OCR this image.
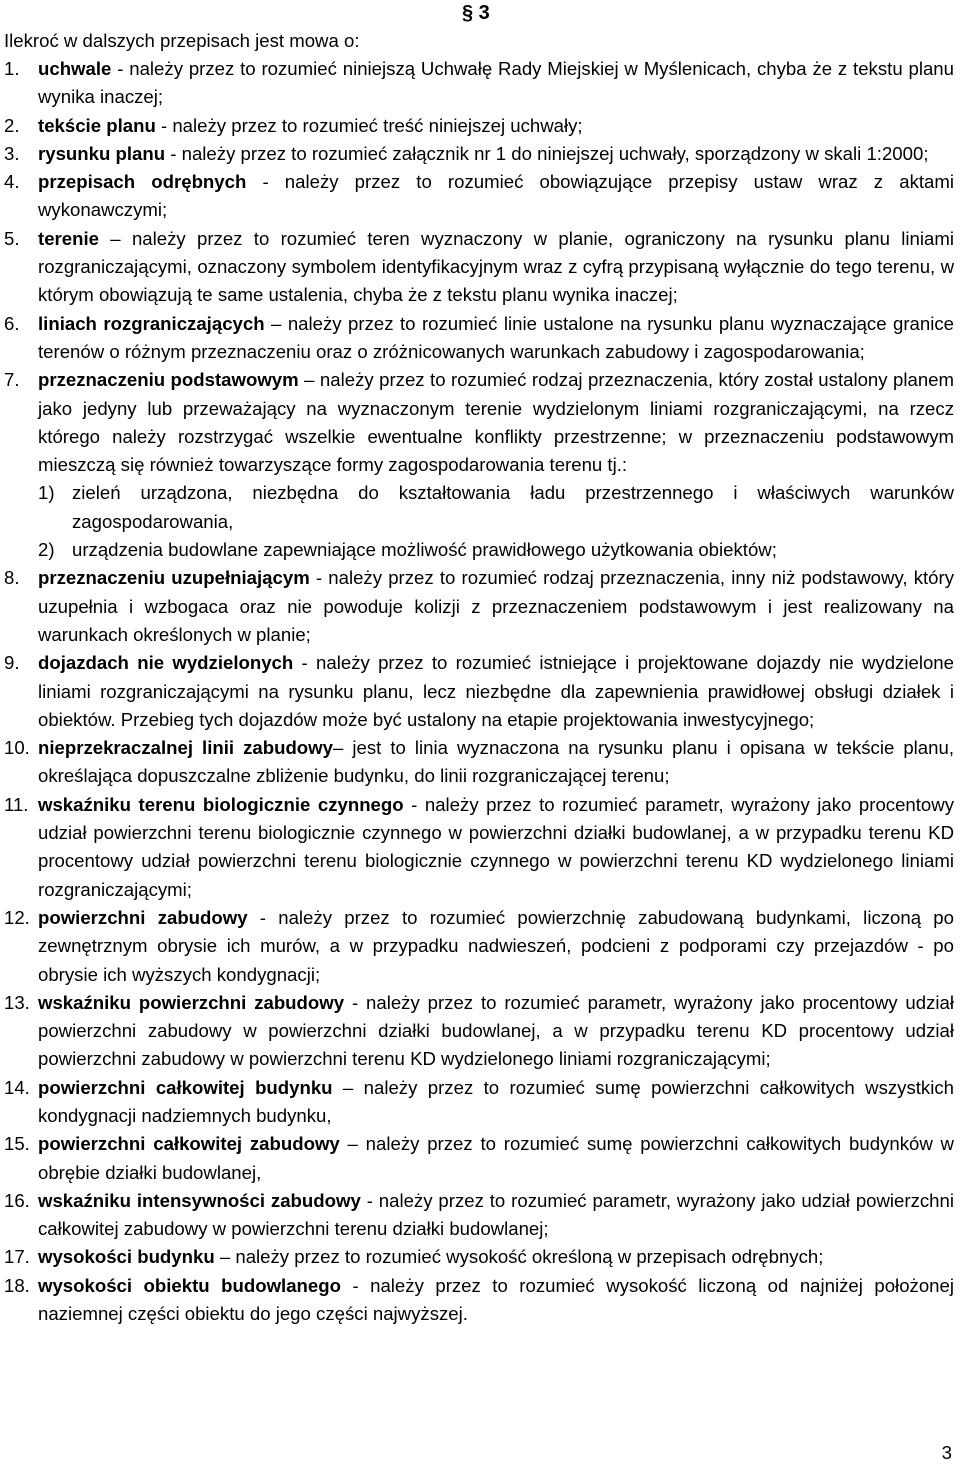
§ 3
Ilekroć w dalszych przepisach jest mowa o:
1. uchwale - należy przez to rozumieć niniejszą Uchwałę Rady Miejskiej w Myślenicach, chyba że z tekstu planu wynika inaczej;
2. tekście planu - należy przez to rozumieć treść niniejszej uchwały;
3. rysunku planu - należy przez to rozumieć załącznik nr 1 do niniejszej uchwały, sporządzony w skali 1:2000;
4. przepisach odrębnych - należy przez to rozumieć obowiązujące przepisy ustaw wraz z aktami wykonawczymi;
5. terenie – należy przez to rozumieć teren wyznaczony w planie, ograniczony na rysunku planu liniami rozgraniczającymi, oznaczony symbolem identyfikacyjnym wraz z cyfrą przypisaną wyłącznie do tego terenu, w którym obowiązują te same ustalenia, chyba że z tekstu planu wynika inaczej;
6. liniach rozgraniczających – należy przez to rozumieć linie ustalone na rysunku planu wyznaczające granice terenów o różnym przeznaczeniu oraz o zróżnicowanych warunkach zabudowy i zagospodarowania;
7. przeznaczeniu podstawowym – należy przez to rozumieć rodzaj przeznaczenia, który został ustalony planem jako jedyny lub przeważający na wyznaczonym terenie wydzielonym liniami rozgraniczającymi, na rzecz którego należy rozstrzygać wszelkie ewentualne konflikty przestrzenne; w przeznaczeniu podstawowym mieszczą się również towarzyszące formy zagospodarowania terenu tj.:
1) zieleń urządzona, niezbędna do kształtowania ładu przestrzennego i właściwych warunków zagospodarowania,
2) urządzenia budowlane zapewniające możliwość prawidłowego użytkowania obiektów;
8. przeznaczeniu uzupełniającym - należy przez to rozumieć rodzaj przeznaczenia, inny niż podstawowy, który uzupełnia i wzbogaca oraz nie powoduje kolizji z przeznaczeniem podstawowym i jest realizowany na warunkach określonych w planie;
9. dojazdach nie wydzielonych - należy przez to rozumieć istniejące i projektowane dojazdy nie wydzielone liniami rozgraniczającymi na rysunku planu, lecz niezbędne dla zapewnienia prawidłowej obsługi działek i obiektów. Przebieg tych dojazdów może być ustalony na etapie projektowania inwestycyjnego;
10. nieprzekraczalnej linii zabudowy– jest to linia wyznaczona na rysunku planu i opisana w tekście planu, określająca dopuszczalne zbliżenie budynku, do linii rozgraniczającej terenu;
11. wskaźniku terenu biologicznie czynnego - należy przez to rozumieć parametr, wyrażony jako procentowy udział powierzchni terenu biologicznie czynnego w powierzchni działki budowlanej, a w przypadku terenu KD procentowy udział powierzchni terenu biologicznie czynnego w powierzchni terenu KD wydzielonego liniami rozgraniczającymi;
12. powierzchni zabudowy - należy przez to rozumieć powierzchnię zabudowaną budynkami, liczoną po zewnętrznym obrysie ich murów, a w przypadku nadwieszeń, podcieni z podporami czy przejazdów - po obrysie ich wyższych kondygnacji;
13. wskaźniku powierzchni zabudowy - należy przez to rozumieć parametr, wyrażony jako procentowy udział powierzchni zabudowy w powierzchni działki budowlanej, a w przypadku terenu KD procentowy udział powierzchni zabudowy w powierzchni terenu KD wydzielonego liniami rozgraniczającymi;
14. powierzchni całkowitej budynku – należy przez to rozumieć sumę powierzchni całkowitych wszystkich kondygnacji nadziemnych budynku,
15. powierzchni całkowitej zabudowy – należy przez to rozumieć sumę powierzchni całkowitych budynków w obrębie działki budowlanej,
16. wskaźniku intensywności zabudowy - należy przez to rozumieć parametr, wyrażony jako udział powierzchni całkowitej zabudowy w powierzchni terenu działki budowlanej;
17. wysokości budynku – należy przez to rozumieć wysokość określoną w przepisach odrębnych;
18. wysokości obiektu budowlanego - należy przez to rozumieć wysokość liczoną od najniżej położonej naziemnej części obiektu do jego części najwyższej.
3
